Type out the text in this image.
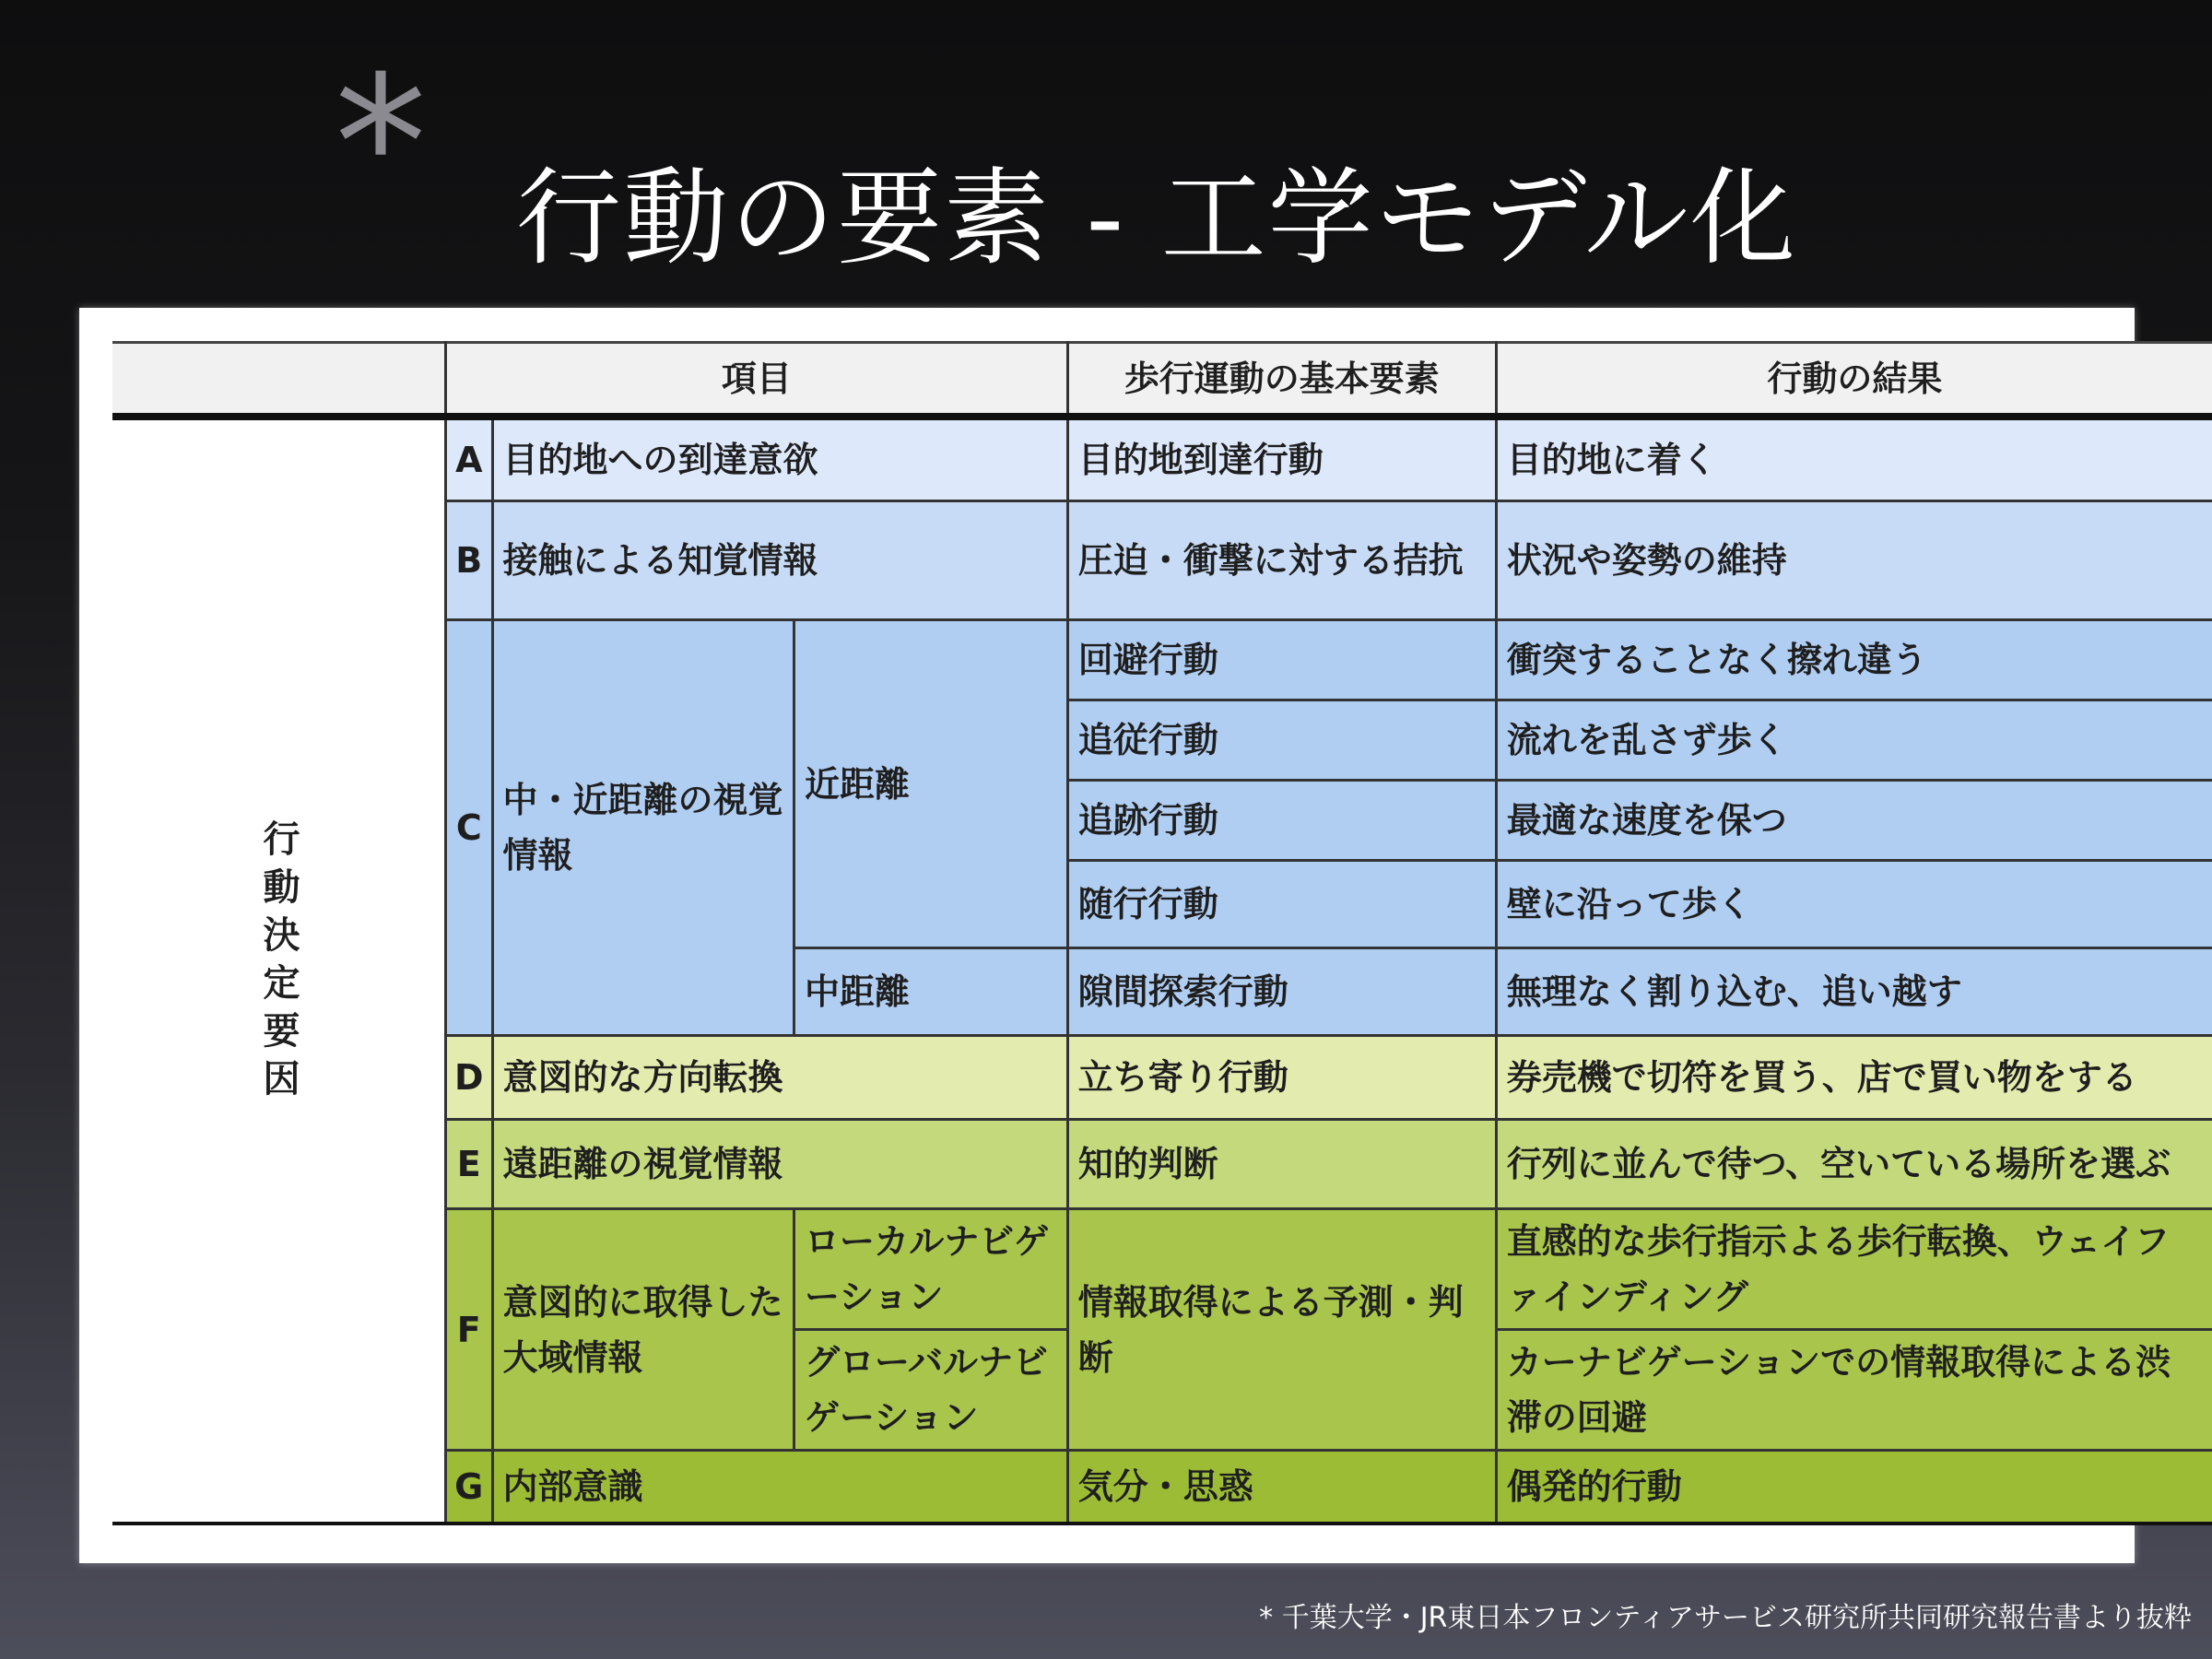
* 行動の要素 - 工学モデル化
	項目			歩行運動の基本要素	行動の結果
行動決定要因	A	目的地への到達意欲		目的地到達行動	目的地に着く
	B	接触による知覚情報		圧迫・衝撃に対する拮抗	状況や姿勢の維持
	C	中・近距離の視覚情報	近距離	回避行動	衝突することなく擦れ違う
				追従行動	流れを乱さず歩く
				追跡行動	最適な速度を保つ
				随行行動	壁に沿って歩く
			中距離	隙間探索行動	無理なく割り込む、追い越す
	D	意図的な方向転換		立ち寄り行動	券売機で切符を買う、店で買い物をする
	E	遠距離の視覚情報		知的判断	行列に並んで待つ、空いている場所を選ぶ
	F	意図的に取得した大域情報	ローカルナビゲーション	情報取得による予測・判断	直感的な歩行指示よる歩行転換、ウェイファインディング
			グローバルナビゲーション		カーナビゲーションでの情報取得による渋滞の回避
	G	内部意識		気分・思惑	偶発的行動
* 千葉大学・JR東日本フロンティアサービス研究所共同研究報告書より抜粋
